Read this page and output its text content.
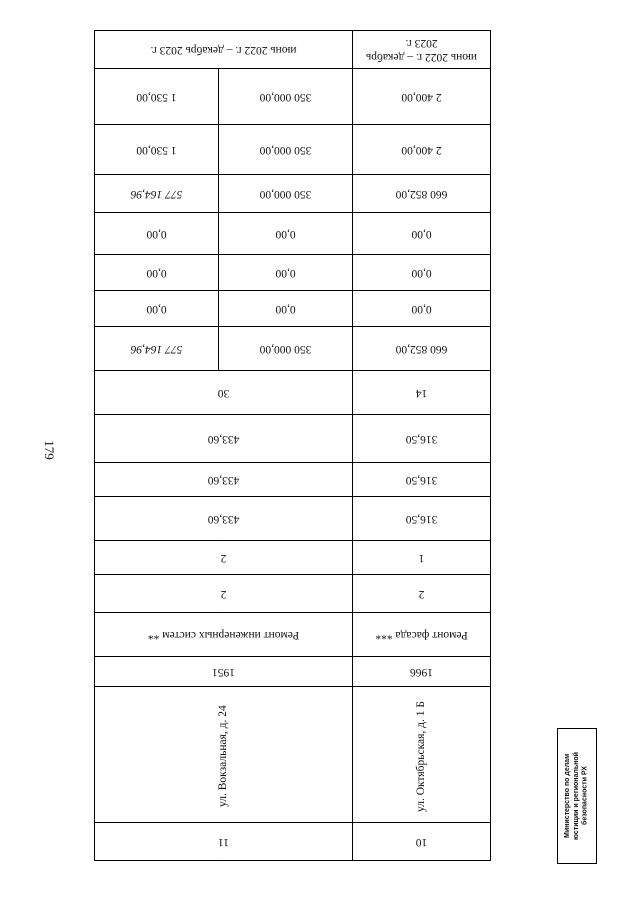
179
10	11	
ул. Октябрьская, д. 1 Б	ул. Вокзальная, д. 24	
1966	1951	
Ремонт фасада ***	Ремонт инженерных систем **	
2	2	
1	2	
316,50	433,60	
316,50	433,60	
316,50	433,60	
14	30	
660 852,00	350 000,00	577 164,96
0,00	0,00	0,00
0,00	0,00	0,00
0,00	0,00	0,00
660 852,00	350 000,00	577 164,96
2 400,00	350 000,00	1 530,00
2 400,00	350 000,00	1 530,00
июнь 2022 г. – декабрь 2023 г.	июнь 2022 г. – декабрь 2023 г.	
Министерство по делам юстиции и региональной безопасности РХ
